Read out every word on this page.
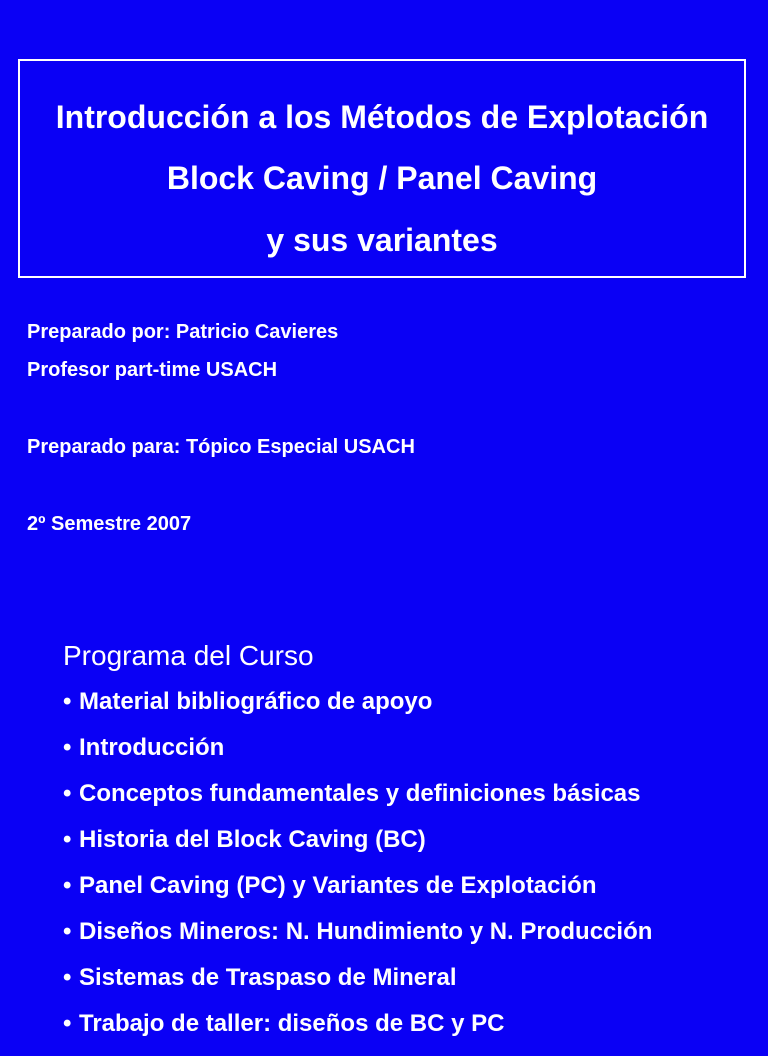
Introducción a los Métodos de Explotación
Block Caving / Panel Caving
y sus variantes
Preparado por: Patricio Cavieres
Profesor part-time USACH
Preparado para: Tópico Especial USACH
2º Semestre 2007
Programa del Curso
• Material bibliográfico de apoyo
• Introducción
• Conceptos fundamentales y definiciones básicas
• Historia del Block Caving (BC)
• Panel Caving (PC) y Variantes de Explotación
• Diseños Mineros: N. Hundimiento y N. Producción
• Sistemas de Traspaso de Mineral
• Trabajo de taller: diseños de BC y PC
